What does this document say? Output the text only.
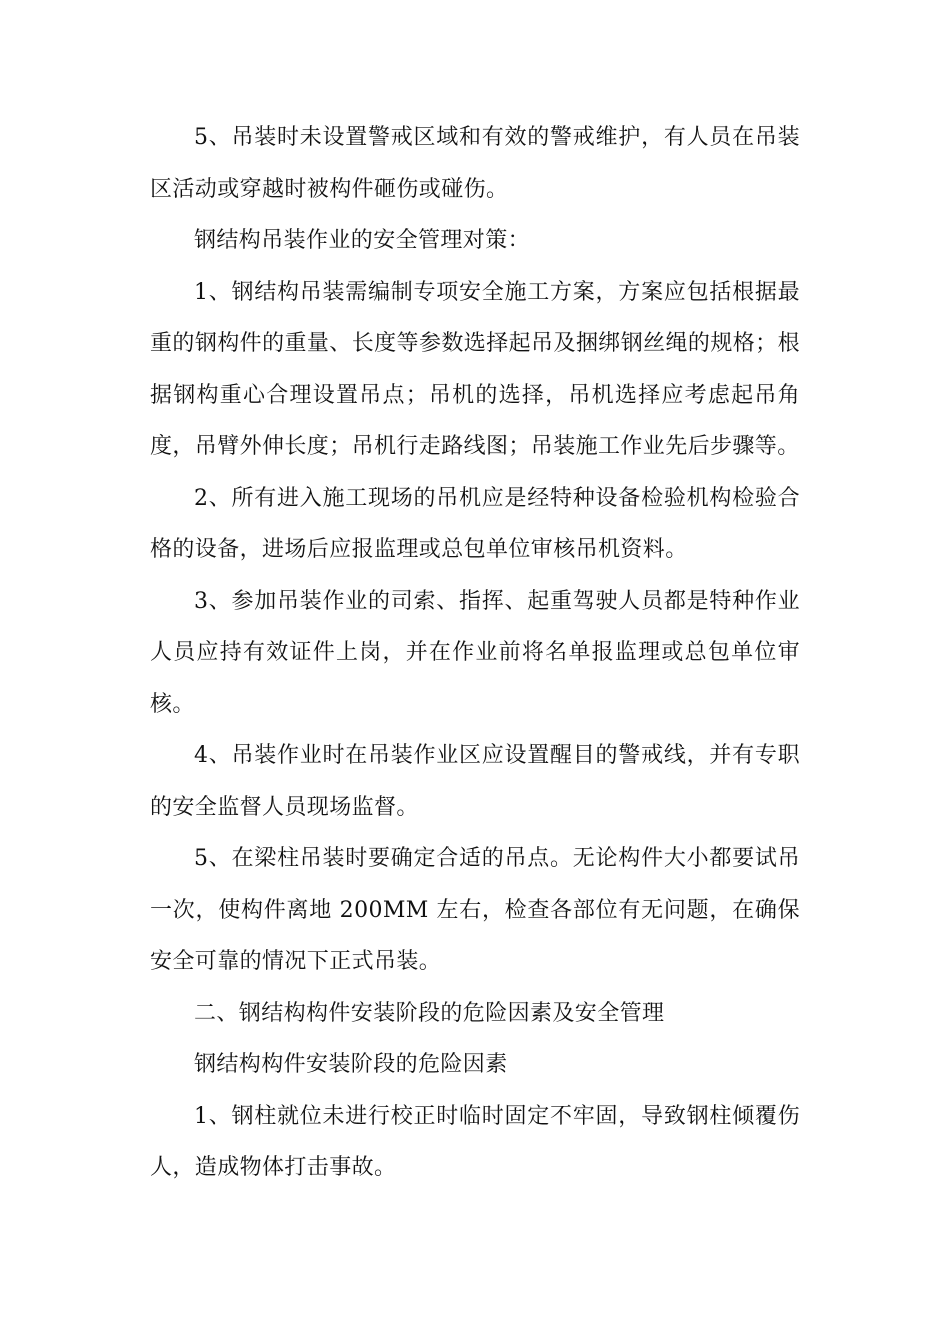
5、吊装时未设置警戒区域和有效的警戒维护，有人员在吊装区活动或穿越时被构件砸伤或碰伤。

钢结构吊装作业的安全管理对策：

1、钢结构吊装需编制专项安全施工方案，方案应包括根据最重的钢构件的重量、长度等参数选择起吊及捆绑钢丝绳的规格；根据钢构重心合理设置吊点；吊机的选择，吊机选择应考虑起吊角度，吊臂外伸长度；吊机行走路线图；吊装施工作业先后步骤等。

2、所有进入施工现场的吊机应是经特种设备检验机构检验合格的设备，进场后应报监理或总包单位审核吊机资料。

3、参加吊装作业的司索、指挥、起重驾驶人员都是特种作业人员应持有效证件上岗，并在作业前将名单报监理或总包单位审核。

4、吊装作业时在吊装作业区应设置醒目的警戒线，并有专职的安全监督人员现场监督。

5、在梁柱吊装时要确定合适的吊点。无论构件大小都要试吊一次，使构件离地 200MM 左右，检查各部位有无问题，在确保安全可靠的情况下正式吊装。

二、钢结构构件安装阶段的危险因素及安全管理

钢结构构件安装阶段的危险因素

1、钢柱就位未进行校正时临时固定不牢固，导致钢柱倾覆伤人，造成物体打击事故。
